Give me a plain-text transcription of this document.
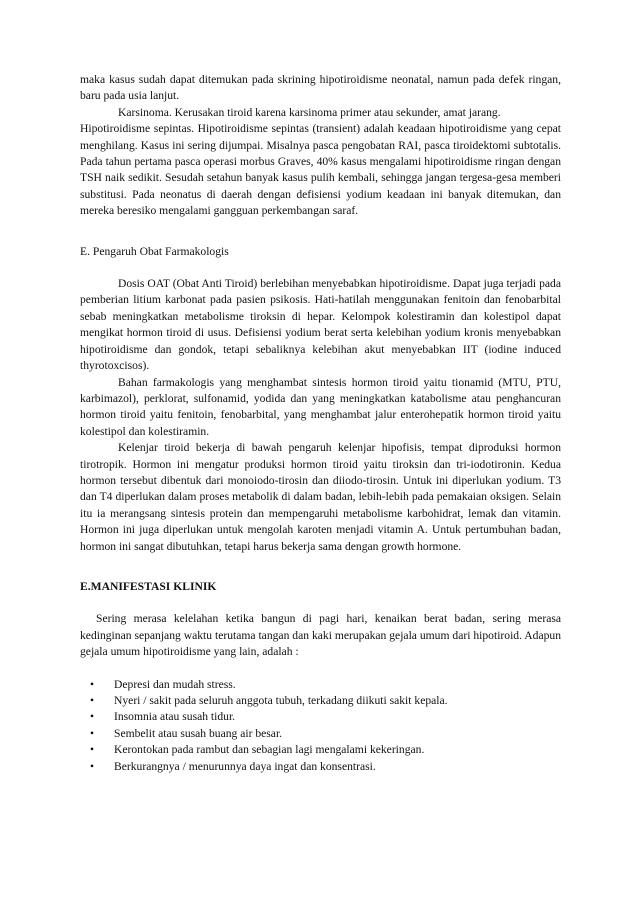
maka kasus sudah dapat ditemukan pada skrining hipotiroidisme neonatal, namun pada defek ringan, baru pada usia lanjut.

Karsinoma. Kerusakan tiroid karena karsinoma primer atau sekunder, amat jarang.

Hipotiroidisme sepintas. Hipotiroidisme sepintas (transient) adalah keadaan hipotiroidisme yang cepat menghilang. Kasus ini sering dijumpai. Misalnya pasca pengobatan RAI, pasca tiroidektomi subtotalis. Pada tahun pertama pasca operasi morbus Graves, 40% kasus mengalami hipotiroidisme ringan dengan TSH naik sedikit. Sesudah setahun banyak kasus pulih kembali, sehingga jangan tergesa-gesa memberi substitusi. Pada neonatus di daerah dengan defisiensi yodium keadaan ini banyak ditemukan, dan mereka beresiko mengalami gangguan perkembangan saraf.

E. Pengaruh Obat Farmakologis

Dosis OAT (Obat Anti Tiroid) berlebihan menyebabkan hipotiroidisme. Dapat juga terjadi pada pemberian litium karbonat pada pasien psikosis. Hati-hatilah menggunakan fenitoin dan fenobarbital sebab meningkatkan metabolisme tiroksin di hepar. Kelompok kolestiramin dan kolestipol dapat mengikat hormon tiroid di usus. Defisiensi yodium berat serta kelebihan yodium kronis menyebabkan hipotiroidisme dan gondok, tetapi sebaliknya kelebihan akut menyebabkan IIT (iodine induced thyrotoxcisos).

Bahan farmakologis yang menghambat sintesis hormon tiroid yaitu tionamid (MTU, PTU, karbimazol), perklorat, sulfonamid, yodida dan yang meningkatkan katabolisme atau penghancuran hormon tiroid yaitu fenitoin, fenobarbital, yang menghambat jalur enterohepatik hormon tiroid yaitu kolestipol dan kolestiramin.

Kelenjar tiroid bekerja di bawah pengaruh kelenjar hipofisis, tempat diproduksi hormon tirotropik. Hormon ini mengatur produksi hormon tiroid yaitu tiroksin dan tri-iodotironin. Kedua hormon tersebut dibentuk dari monoiodo-tirosin dan diiodo-tirosin. Untuk ini diperlukan yodium. T3 dan T4 diperlukan dalam proses metabolik di dalam badan, lebih-lebih pada pemakaian oksigen. Selain itu ia merangsang sintesis protein dan mempengaruhi metabolisme karbohidrat, lemak dan vitamin. Hormon ini juga diperlukan untuk mengolah karoten menjadi vitamin A. Untuk pertumbuhan badan, hormon ini sangat dibutuhkan, tetapi harus bekerja sama dengan growth hormone.

E.MANIFESTASI KLINIK

Sering merasa kelelahan ketika bangun di pagi hari, kenaikan berat badan, sering merasa kedinginan sepanjang waktu terutama tangan dan kaki merupakan gejala umum dari hipotiroid. Adapun gejala umum hipotiroidisme yang lain, adalah :

• Depresi dan mudah stress.
• Nyeri / sakit pada seluruh anggota tubuh, terkadang diikuti sakit kepala.
• Insomnia atau susah tidur.
• Sembelit atau susah buang air besar.
• Kerontokan pada rambut dan sebagian lagi mengalami kekeringan.
• Berkurangnya / menurunnya daya ingat dan konsentrasi.
